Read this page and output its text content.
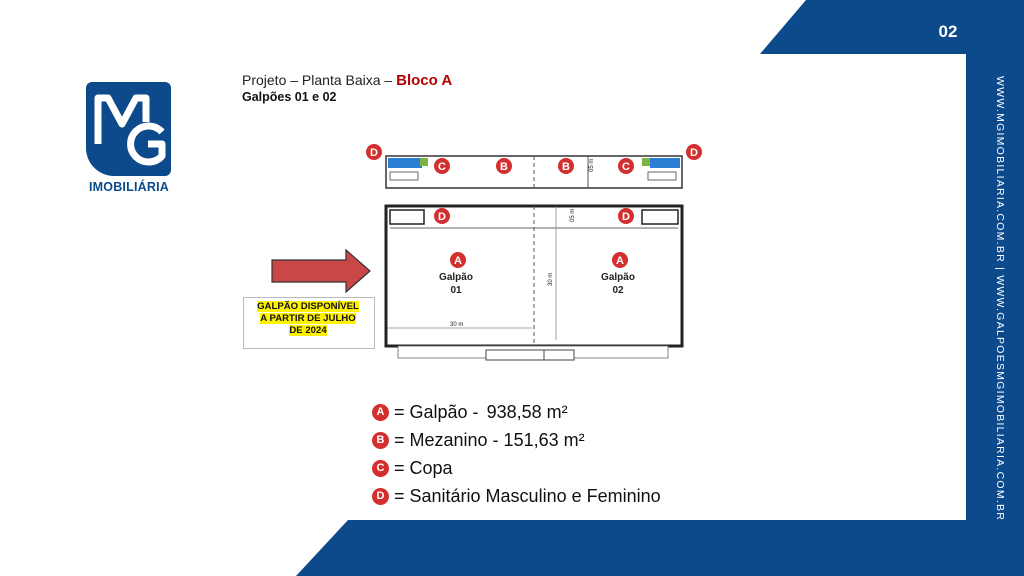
02
WWW.MGIMOBILIARIA.COM.BR | WWW.GALPOESMGIMOBILIARIA.COM.BR
IMOBILIÁRIA
Projeto – Planta Baixa – Bloco A
Galpões 01 e 02
05 m
30 m
30 m
05 m
Galpão
01
Galpão
02
D
C	B	B	C
D
D	D
A	A
GALPÃO DISPONÍVEL
A PARTIR DE JULHO
DE 2024
A = Galpão - 938,58 m²
B = Mezanino - 151,63 m²
C = Copa
D = Sanitário Masculino e Feminino
